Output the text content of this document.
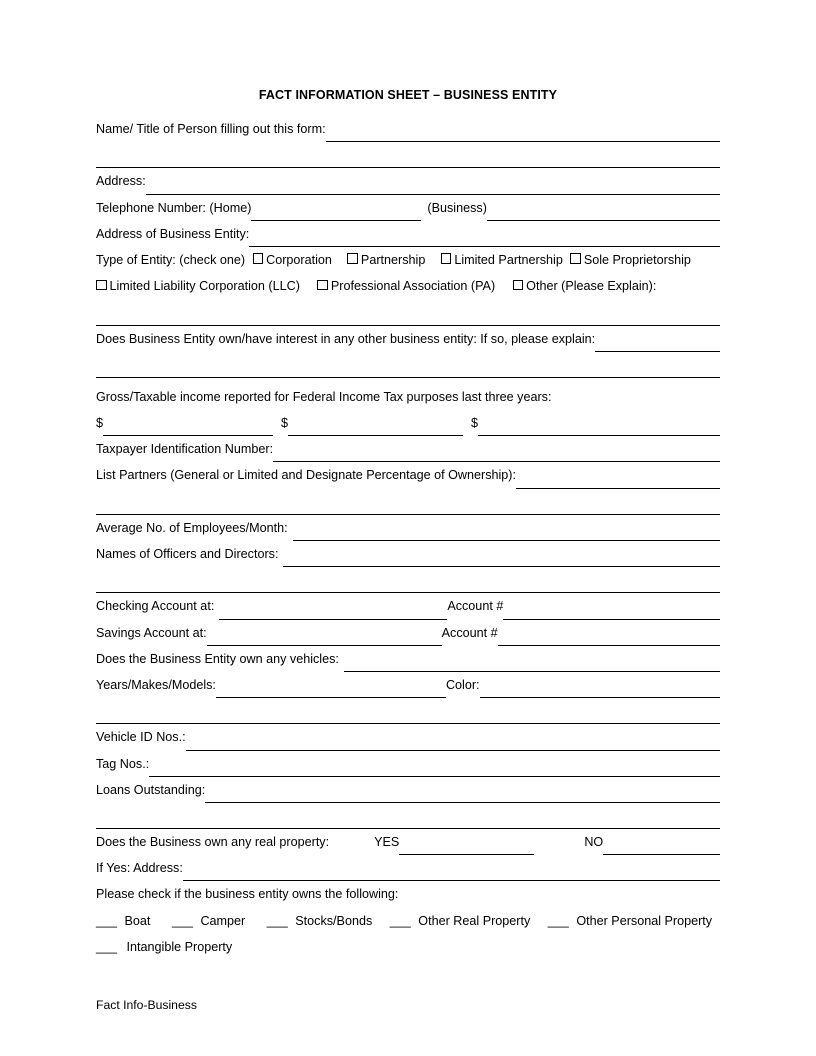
FACT INFORMATION SHEET – BUSINESS ENTITY
Name/ Title of Person filling out this form:
Address:
Telephone Number: (Home)	(Business)
Address of Business Entity:
Type of Entity: (check one) Corporation Partnership Limited Partnership Sole Proprietorship
Limited Liability Corporation (LLC) Professional Association (PA) Other (Please Explain):
Does Business Entity own/have interest in any other business entity: If so, please explain:
Gross/Taxable income reported for Federal Income Tax purposes last three years:
$	$	$
Taxpayer Identification Number:
List Partners (General or Limited and Designate Percentage of Ownership):
Average No. of Employees/Month:
Names of Officers and Directors:
Checking Account at:	Account #
Savings Account at:	Account #
Does the Business Entity own any vehicles:
Years/Makes/Models:	Color:
Vehicle ID Nos.:
Tag Nos.:
Loans Outstanding:
Does the Business own any real property:	YES	NO
If Yes: Address:
Please check if the business entity owns the following:
___ Boat ___ Camper ___ Stocks/Bonds ___ Other Real Property ___ Other Personal Property
___ Intangible Property
Fact Info-Business
